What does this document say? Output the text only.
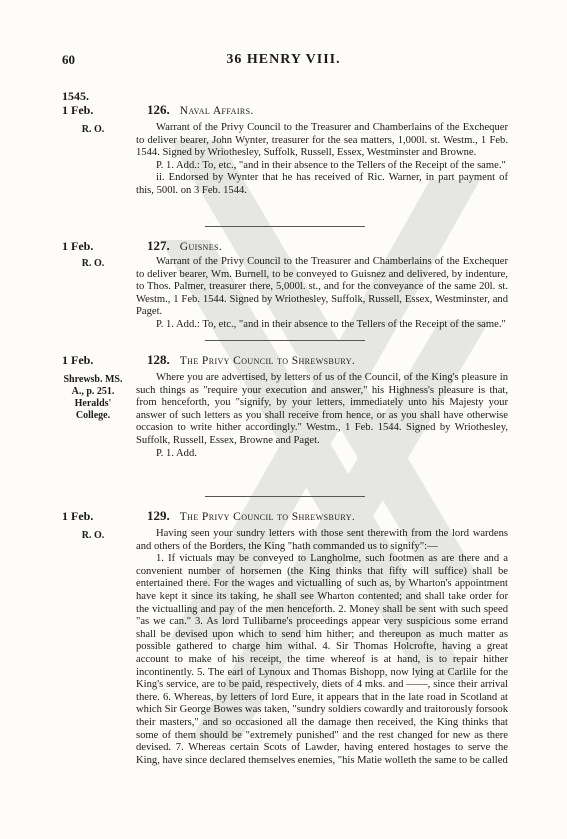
60	36 HENRY VIII.
1545.
1 Feb.
R. O.
126. Naval Affairs.

Warrant of the Privy Council to the Treasurer and Chamberlains of the Exchequer to deliver bearer, John Wynter, treasurer for the sea matters, 1,000l. st. Westm., 1 Feb. 1544. Signed by Wriothesley, Suffolk, Russell, Essex, Westminster and Browne.

P. 1. Add.: To, etc., "and in their absence to the Tellers of the Receipt of the same."

ii. Endorsed by Wynter that he has received of Ric. Warner, in part payment of this, 500l. on 3 Feb. 1544.

1 Feb.
R. O.
127. Guisnes.

Warrant of the Privy Council to the Treasurer and Chamberlains of the Exchequer to deliver bearer, Wm. Burnell, to be conveyed to Guisnez and delivered, by indenture, to Thos. Palmer, treasurer there, 5,000l. st., and for the conveyance of the same 20l. st. Westm., 1 Feb. 1544. Signed by Wriothesley, Suffolk, Russell, Essex, Westminster, and Paget.

P. 1. Add.: To, etc., "and in their absence to the Tellers of the Receipt of the same."

1 Feb.
Shrewsb. MS. A., p. 251. Heralds' College.
128. The Privy Council to Shrewsbury.

Where you are advertised, by letters of us of the Council, of the King's pleasure in such things as "require your execution and answer," his Highness's pleasure is that, from henceforth, you "signify, by your letters, immediately unto his Majesty your answer of such letters as you shall receive from hence, or as you shall have otherwise occasion to write hither accordingly." Westm., 1 Feb. 1544. Signed by Wriothesley, Suffolk, Russell, Essex, Browne and Paget.

P. 1. Add.

1 Feb.
R. O.
129. The Privy Council to Shrewsbury.

Having seen your sundry letters with those sent therewith from the lord wardens and others of the Borders, the King "hath commanded us to signify":—

1. If victuals may be conveyed to Langholme, such footmen as are there and a convenient number of horsemen (the King thinks that fifty will suffice) shall be entertained there. For the wages and victualling of such as, by Wharton's appointment have kept it since its taking, he shall see Wharton contented; and shall take order for the victualling and pay of the men henceforth. 2. Money shall be sent with such speed "as we can." 3. As lord Tullibarne's proceedings appear very suspicious some errand shall be devised upon which to send him hither; and thereupon as much matter as possible gathered to charge him withal. 4. Sir Thomas Holcrofte, having a great account to make of his receipt, the time whereof is at hand, is to repair hither incontinently. 5. The earl of Lynoux and Thomas Bishopp, now lying at Carlile for the King's service, are to be paid, respectively, diets of 4 mks. and ——, since their arrival there. 6. Whereas, by letters of lord Eure, it appears that in the late road in Scotland at which Sir George Bowes was taken, "sundry soldiers cowardly and traitorously forsook their masters," and so occasioned all the damage then received, the King thinks that some of them should be "extremely punished" and the rest changed for new as there devised. 7. Whereas certain Scots of Lawder, having entered hostages to serve the King, have since declared themselves enemies, "his Matie wolleth the same to be called
